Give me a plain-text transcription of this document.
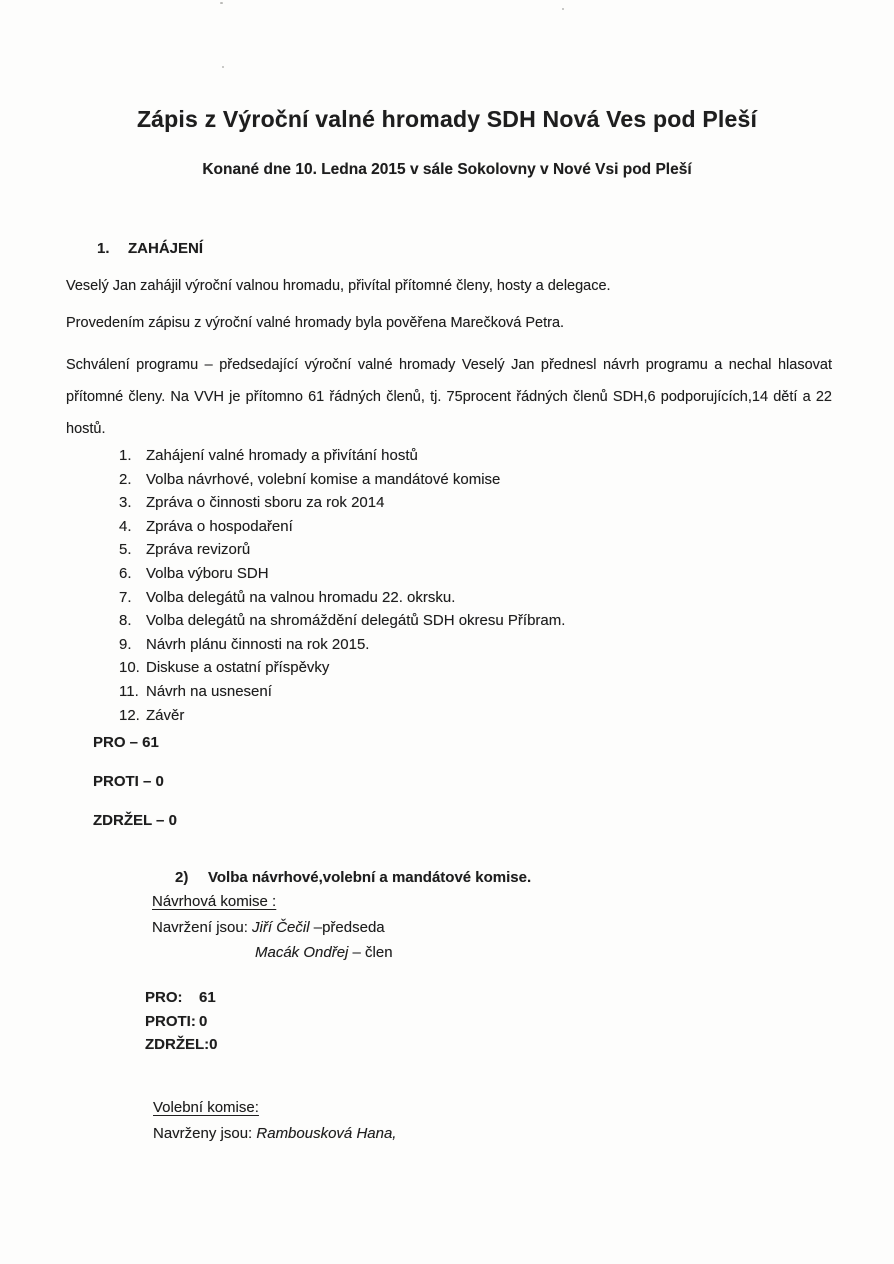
Zápis z Výroční valné hromady SDH Nová Ves pod Pleší
Konané dne 10. Ledna 2015 v sále Sokolovny v Nové Vsi pod Pleší
1. ZAHÁJENÍ
Veselý Jan zahájil výroční valnou hromadu, přivítal přítomné členy, hosty a delegace.
Provedením zápisu z výroční valné hromady byla pověřena Marečková Petra.
Schválení programu – předsedající výroční valné hromady Veselý Jan přednesl návrh programu a nechal hlasovat přítomné členy. Na VVH je přítomno 61 řádných členů, tj. 75procent řádných členů SDH,6 podporujících,14 dětí a 22 hostů.
1. Zahájení valné hromady a přivítání hostů
2. Volba návrhové, volební komise a mandátové komise
3. Zpráva o činnosti sboru za rok 2014
4. Zpráva o hospodaření
5. Zpráva revizorů
6. Volba výboru SDH
7. Volba delegátů na valnou hromadu 22. okrsku.
8. Volba delegátů na shromáždění delegátů SDH okresu Příbram.
9. Návrh plánu činnosti na rok 2015.
10. Diskuse a ostatní příspěvky
11. Návrh na usnesení
12. Závěr
PRO – 61
PROTI – 0
ZDRŽEL – 0
2) Volba návrhové,volební a mandátové komise.
Návrhová komise :
Navržení jsou: Jiří Čečil –předseda
Macák Ondřej – člen
PRO: 61
PROTI: 0
ZDRŽEL:0
Volební komise:
Navrženy jsou: Rambousková Hana,
